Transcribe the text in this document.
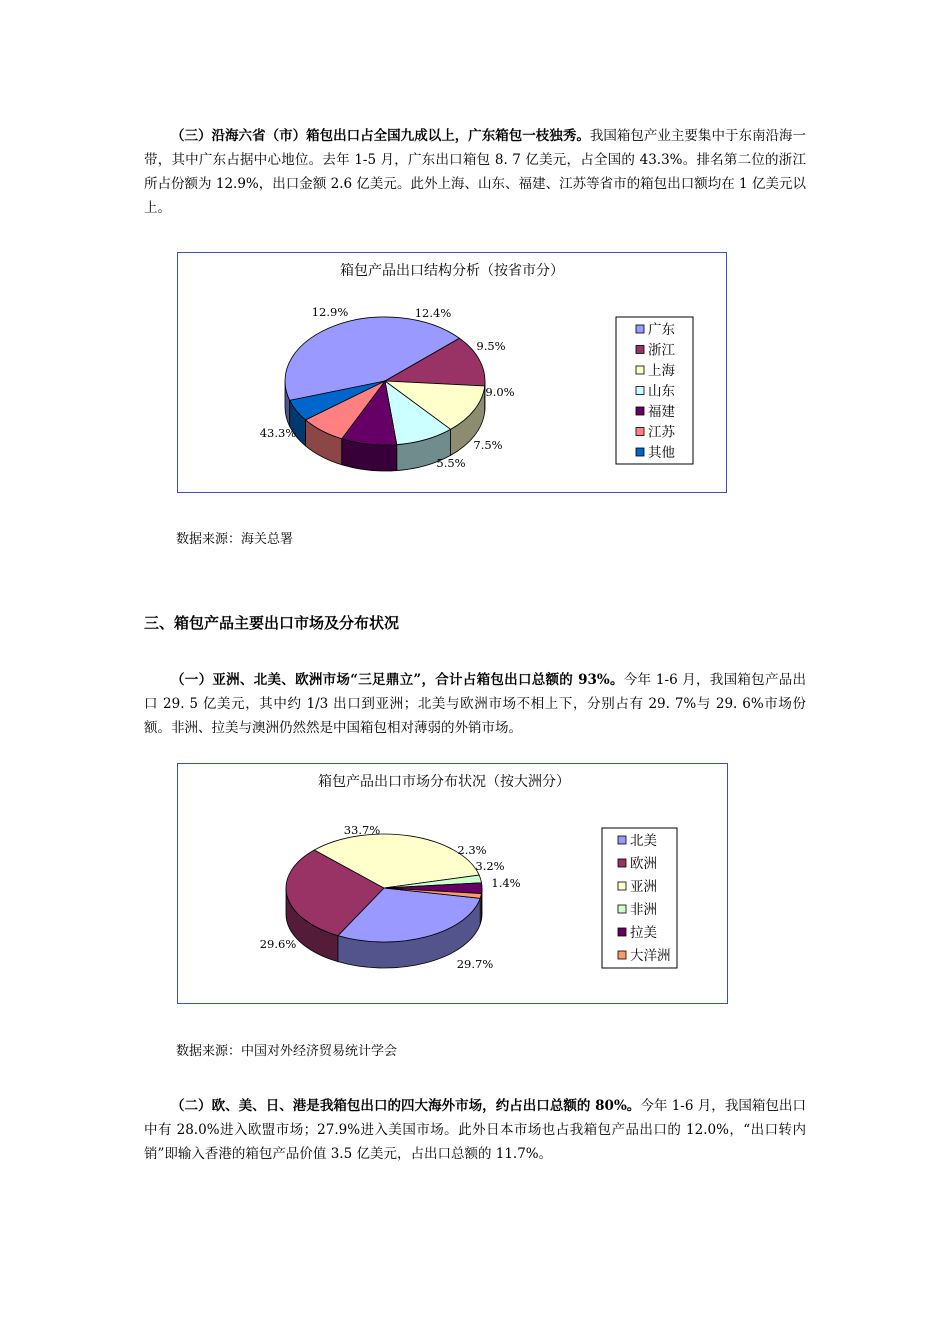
（三）沿海六省（市）箱包出口占全国九成以上，广东箱包一枝独秀。我国箱包产业主要集中于东南沿海一带，其中广东占据中心地位。去年 1-5 月，广东出口箱包 8. 7 亿美元，占全国的 43.3%。排名第二位的浙江所占份额为 12.9%，出口金额 2.6 亿美元。此外上海、山东、福建、江苏等省市的箱包出口额均在 1 亿美元以上。
箱包产品出口结构分析（按省市分）
43.3%
12.9%	12.4%
9.5%
9.0%
7.5%
5.5%
广东
浙江
上海
山东
福建
江苏
其他
数据来源：海关总署
三、箱包产品主要出口市场及分布状况
（一）亚洲、北美、欧洲市场“三足鼎立”，合计占箱包出口总额的 93%。今年 1-6 月，我国箱包产品出口 29. 5 亿美元，其中约 1/3 出口到亚洲；北美与欧洲市场不相上下，分别占有 29. 7%与 29. 6%市场份额。非洲、拉美与澳洲仍然然是中国箱包相对薄弱的外销市场。
箱包产品出口市场分布状况（按大洲分）
29.7%
29.6%
33.7%
2.3%
3.2%
1.4%
北美
欧洲
亚洲
非洲
拉美
大洋洲
数据来源：中国对外经济贸易统计学会
（二）欧、美、日、港是我箱包出口的四大海外市场，约占出口总额的 80%。今年 1-6 月，我国箱包出口中有 28.0%进入欧盟市场；27.9%进入美国市场。此外日本市场也占我箱包产品出口的 12.0%，“出口转内销”即输入香港的箱包产品价值 3.5 亿美元，占出口总额的 11.7%。
